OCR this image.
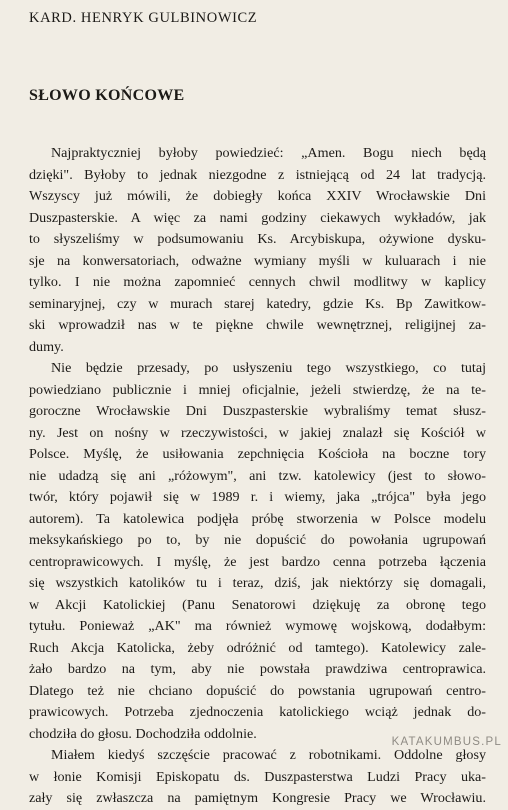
KARD. HENRYK GULBINOWICZ
SŁOWO KOŃCOWE
Najpraktyczniej byłoby powiedzieć: „Amen. Bogu niech będą
dzięki". Byłoby to jednak niezgodne z istniejącą od 24 lat tradycją.
Wszyscy już mówili, że dobiegły końca XXIV Wrocławskie Dni
Duszpasterskie. A więc za nami godziny ciekawych wykładów, jak
to słyszeliśmy w podsumowaniu Ks. Arcybiskupa, ożywione dysku-
sje na konwersatoriach, odważne wymiany myśli w kuluarach i nie
tylko. I nie można zapomnieć cennych chwil modlitwy w kaplicy
seminaryjnej, czy w murach starej katedry, gdzie Ks. Bp Zawitkow-
ski wprowadził nas w te piękne chwile wewnętrznej, religijnej za-
dumy.
Nie będzie przesady, po usłyszeniu tego wszystkiego, co tutaj
powiedziano publicznie i mniej oficjalnie, jeżeli stwierdzę, że na te-
goroczne Wrocławskie Dni Duszpasterskie wybraliśmy temat słusz-
ny. Jest on nośny w rzeczywistości, w jakiej znalazł się Kościół w
Polsce. Myślę, że usiłowania zepchnięcia Kościoła na boczne tory
nie udadzą się ani „różowym", ani tzw. katolewicy (jest to słowo-
twór, który pojawił się w 1989 r. i wiemy, jaka „trójca" była jego
autorem). Ta katolewica podjęła próbę stworzenia w Polsce modelu
meksykańskiego po to, by nie dopuścić do powołania ugrupowań
centroprawicowych. I myślę, że jest bardzo cenna potrzeba łączenia
się wszystkich katolików tu i teraz, dziś, jak niektórzy się domagali,
w Akcji Katolickiej (Panu Senatorowi dziękuję za obronę tego
tytułu. Ponieważ „AK" ma również wymowę wojskową, dodałbym:
Ruch Akcja Katolicka, żeby odróżnić od tamtego). Katolewicy zale-
żało bardzo na tym, aby nie powstała prawdziwa centroprawica.
Dlatego też nie chciano dopuścić do powstania ugrupowań centro-
prawicowych. Potrzeba zjednoczenia katolickiego wciąż jednak do-
chodziła do głosu. Dochodziła oddolnie.
Miałem kiedyś szczęście pracować z robotnikami. Oddolne głosy
w łonie Komisji Episkopatu ds. Duszpasterstwa Ludzi Pracy uka-
zały się zwłaszcza na pamiętnym Kongresie Pracy we Wrocławiu.
KATAKUMBUS.PL
